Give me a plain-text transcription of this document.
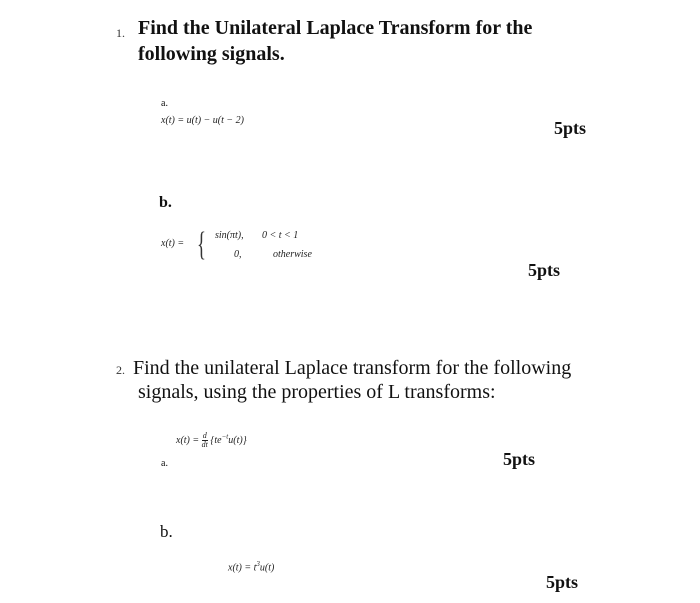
1. Find the Unilateral Laplace Transform for the
following signals.
a.
x(t) = u(t) − u(t − 2)	5pts
b.
x(t) = { sin(πt), 0 < t < 1
0,	otherwise
5pts
2. Find the unilateral Laplace transform for the following
signals, using the properties of L transforms:
$x(t) = \frac{d}{dt} \{te^{-t}u(t)\}$
a.	5pts
b.
$x(t) = t^3u(t)$
5pts
